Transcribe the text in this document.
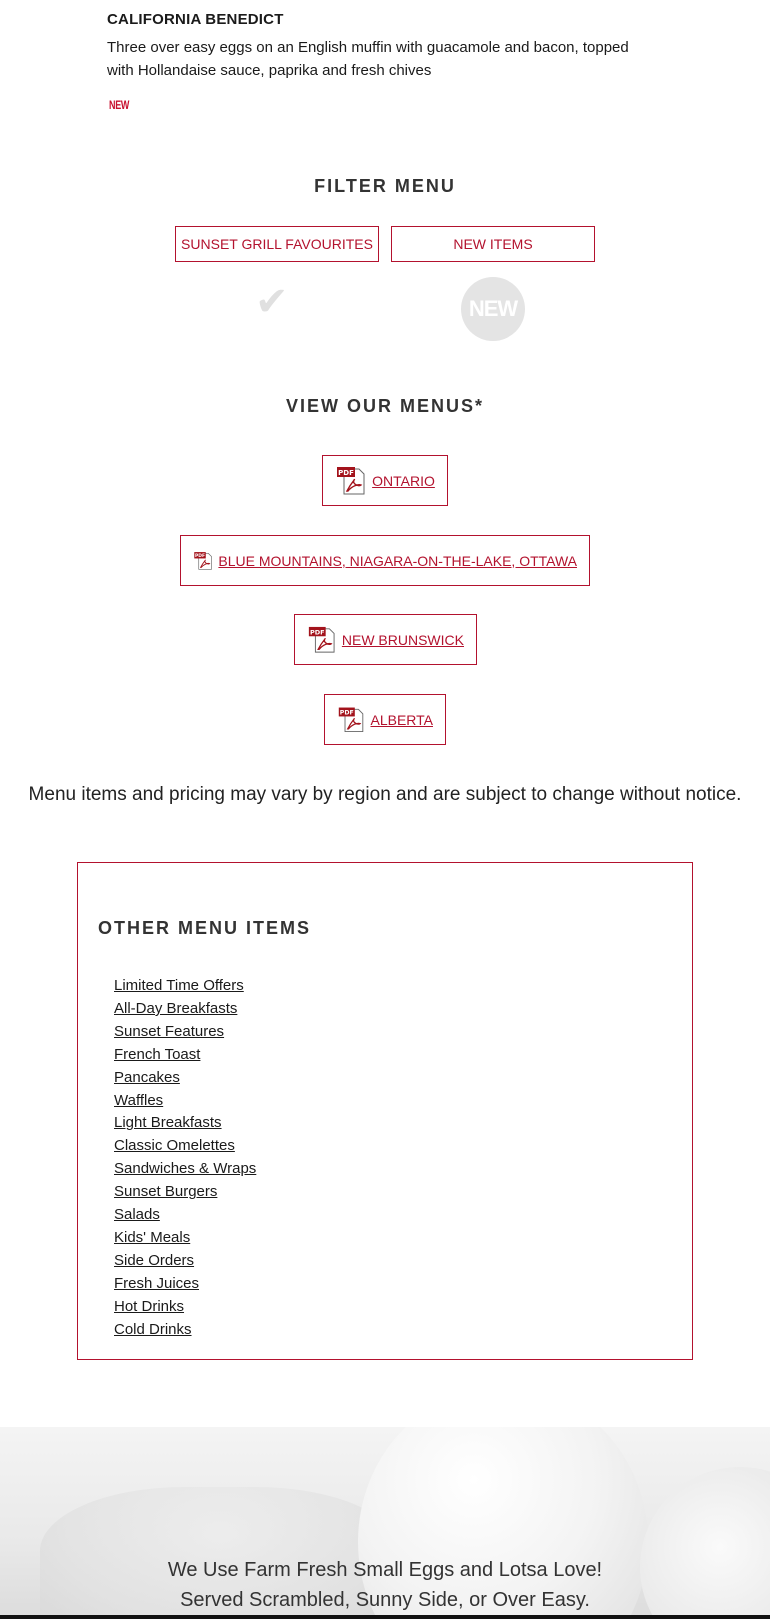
CALIFORNIA BENEDICT
Three over easy eggs on an English muffin with guacamole and bacon, topped with Hollandaise sauce, paprika and fresh chives
NEW
FILTER MENU
SUNSET GRILL FAVOURITES	NEW ITEMS
✔	NEW
VIEW OUR MENUS*
PDF ONTARIO
PDF BLUE MOUNTAINS, NIAGARA-ON-THE-LAKE, OTTAWA
PDF NEW BRUNSWICK
PDF ALBERTA
Menu items and pricing may vary by region and are subject to change without notice.
OTHER MENU ITEMS
Limited Time Offers
All-Day Breakfasts
Sunset Features
French Toast
Pancakes
Waffles
Light Breakfasts
Classic Omelettes
Sandwiches & Wraps
Sunset Burgers
Salads
Kids' Meals
Side Orders
Fresh Juices
Hot Drinks
Cold Drinks
We Use Farm Fresh Small Eggs and Lotsa Love!
Served Scrambled, Sunny Side, or Over Easy.
